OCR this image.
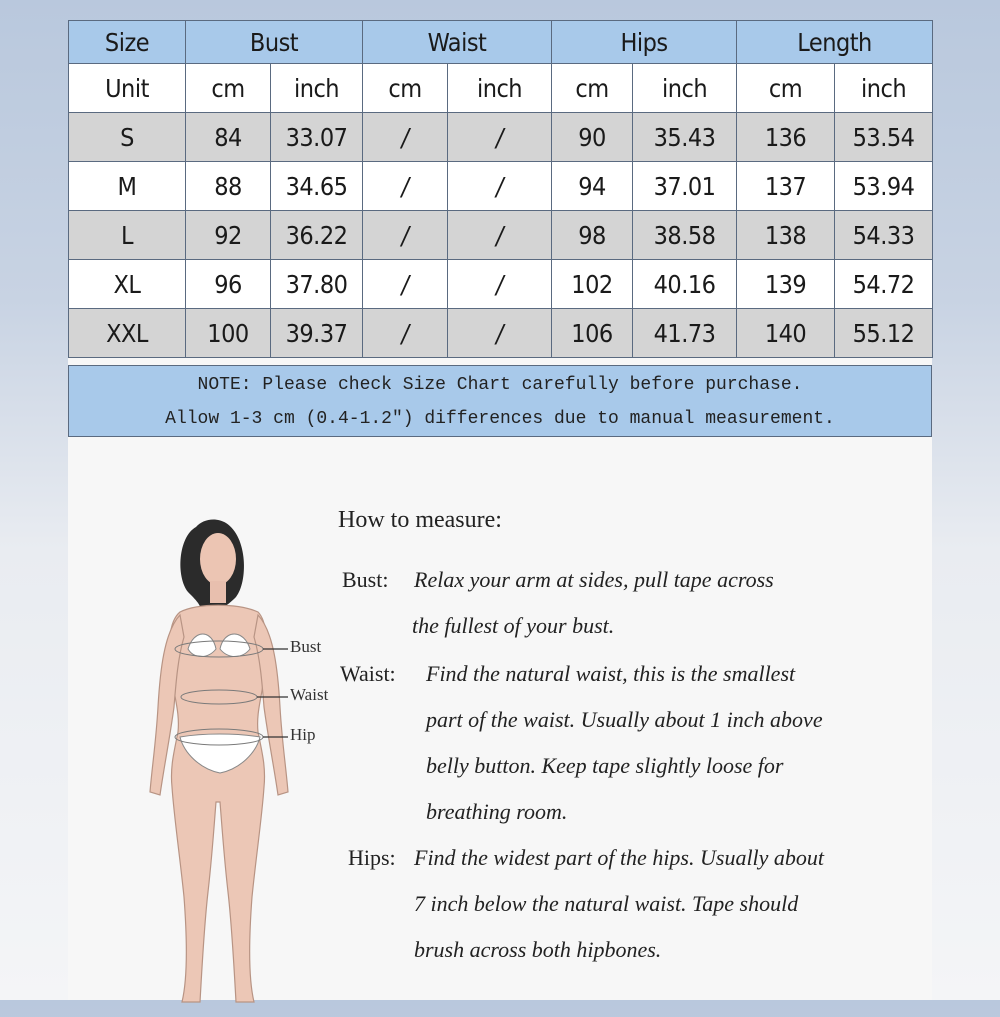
Size	Bust		Waist		Hips		Length	
Unit	cm	inch	cm	inch	cm	inch	cm	inch
S	84	33.07	/	/	90	35.43	136	53.54
M	88	34.65	/	/	94	37.01	137	53.94
L	92	36.22	/	/	98	38.58	138	54.33
XL	96	37.80	/	/	102	40.16	139	54.72
XXL	100	39.37	/	/	106	41.73	140	55.12
NOTE: Please check Size Chart carefully before purchase.
Allow 1-3 cm (0.4-1.2") differences due to manual measurement.
Bust
Waist
Hip
How to measure:
Bust: Relax your arm at sides, pull tape across
the fullest of your bust.
Waist: Find the natural waist, this is the smallest
part of the waist. Usually about 1 inch above
belly button. Keep tape slightly loose for
breathing room.
Hips: Find the widest part of the hips. Usually about
7 inch below the natural waist. Tape should
brush across both hipbones.
